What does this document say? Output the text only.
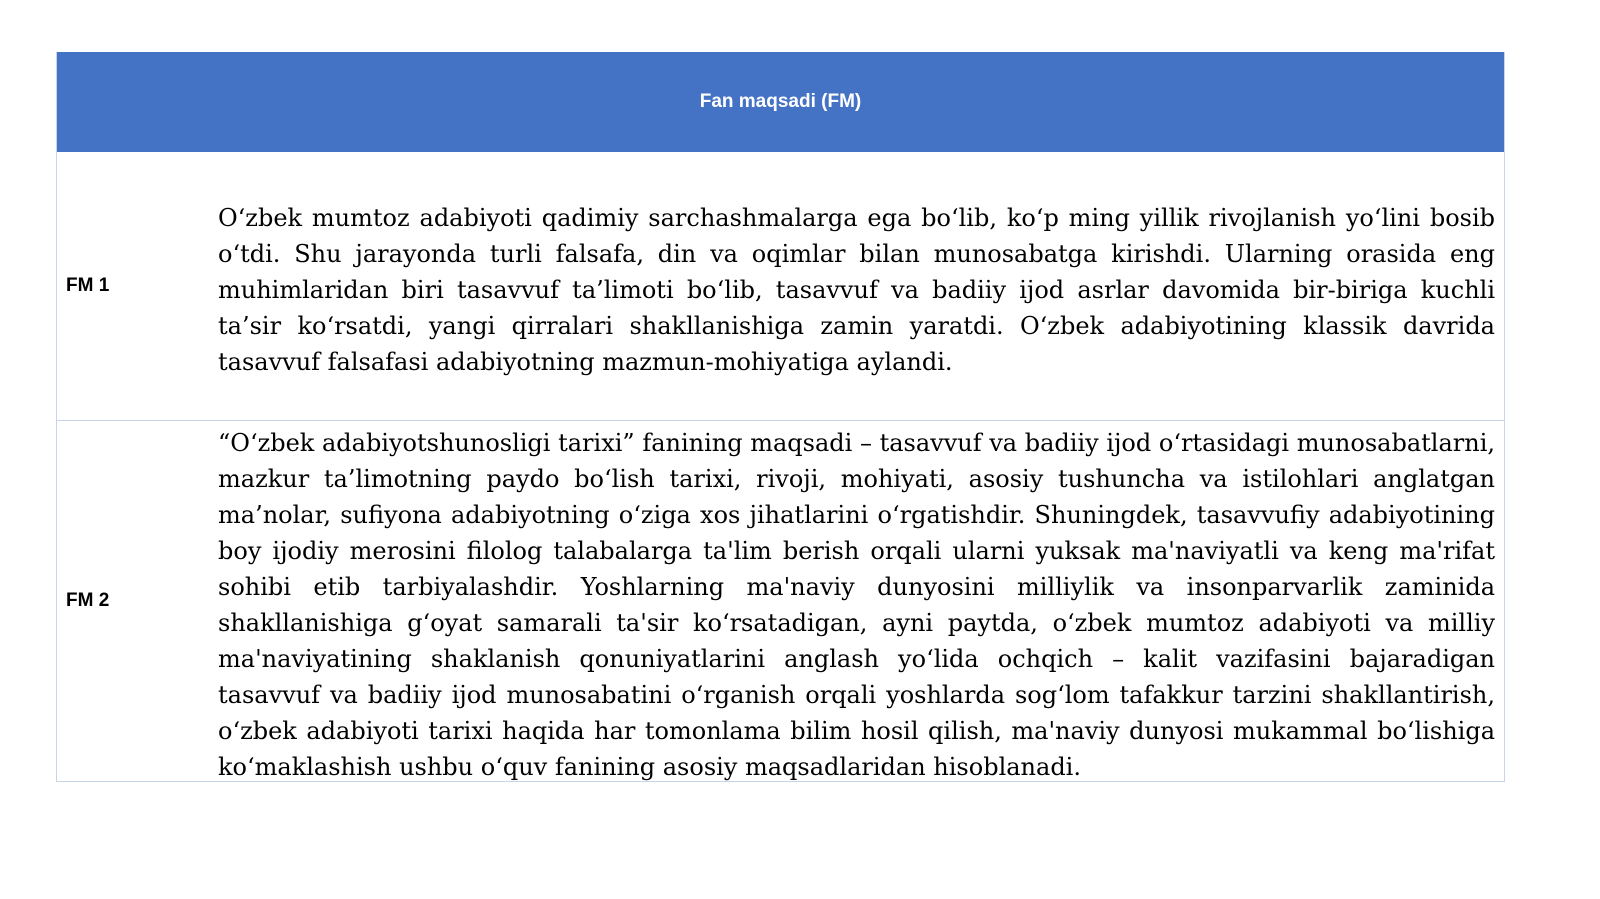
Fan maqsadi (FM)
FM 1
O‘zbek mumtoz adabiyoti qadimiy sarchashmalarga ega bo‘lib, ko‘p ming yillik rivojlanish yo‘lini bosib o‘tdi. Shu jarayonda turli falsafa, din va oqimlar bilan munosabatga kirishdi. Ularning orasida eng muhimlaridan biri tasavvuf ta’limoti bo‘lib, tasavvuf va badiiy ijod asrlar davomida bir-biriga kuchli ta’sir ko‘rsatdi, yangi qirralari shakllanishiga zamin yaratdi. O‘zbek adabiyotining klassik davrida tasavvuf falsafasi adabiyotning mazmun-mohiyatiga aylandi.
FM 2
“O‘zbek adabiyotshunosligi tarixi” fanining maqsadi – tasavvuf va badiiy ijod o‘rtasidagi munosabatlarni, mazkur ta’limotning paydo bo‘lish tarixi, rivoji, mohiyati, asosiy tushuncha va istilohlari anglatgan ma’nolar, sufiyona adabiyotning o‘ziga xos jihatlarini o‘rgatishdir. Shuningdek, tasavvufiy adabiyotining boy ijodiy merosini filolog talabalarga ta'lim berish orqali ularni yuksak ma'naviyatli va keng ma'rifat sohibi etib tarbiyalashdir. Yoshlarning ma'naviy dunyosini milliylik va insonparvarlik zaminida shakllanishiga g‘oyat samarali ta'sir ko‘rsatadigan, ayni paytda, o‘zbek mumtoz adabiyoti va milliy ma'naviyatining shaklanish qonuniyatlarini anglash yo‘lida ochqich – kalit vazifasini bajaradigan tasavvuf va badiiy ijod munosabatini o‘rganish orqali yoshlarda sog‘lom tafakkur tarzini shakllantirish, o‘zbek adabiyoti tarixi haqida har tomonlama bilim hosil qilish, ma'naviy dunyosi mukammal bo‘lishiga ko‘maklashish ushbu o‘quv fanining asosiy maqsadlaridan hisoblanadi.
